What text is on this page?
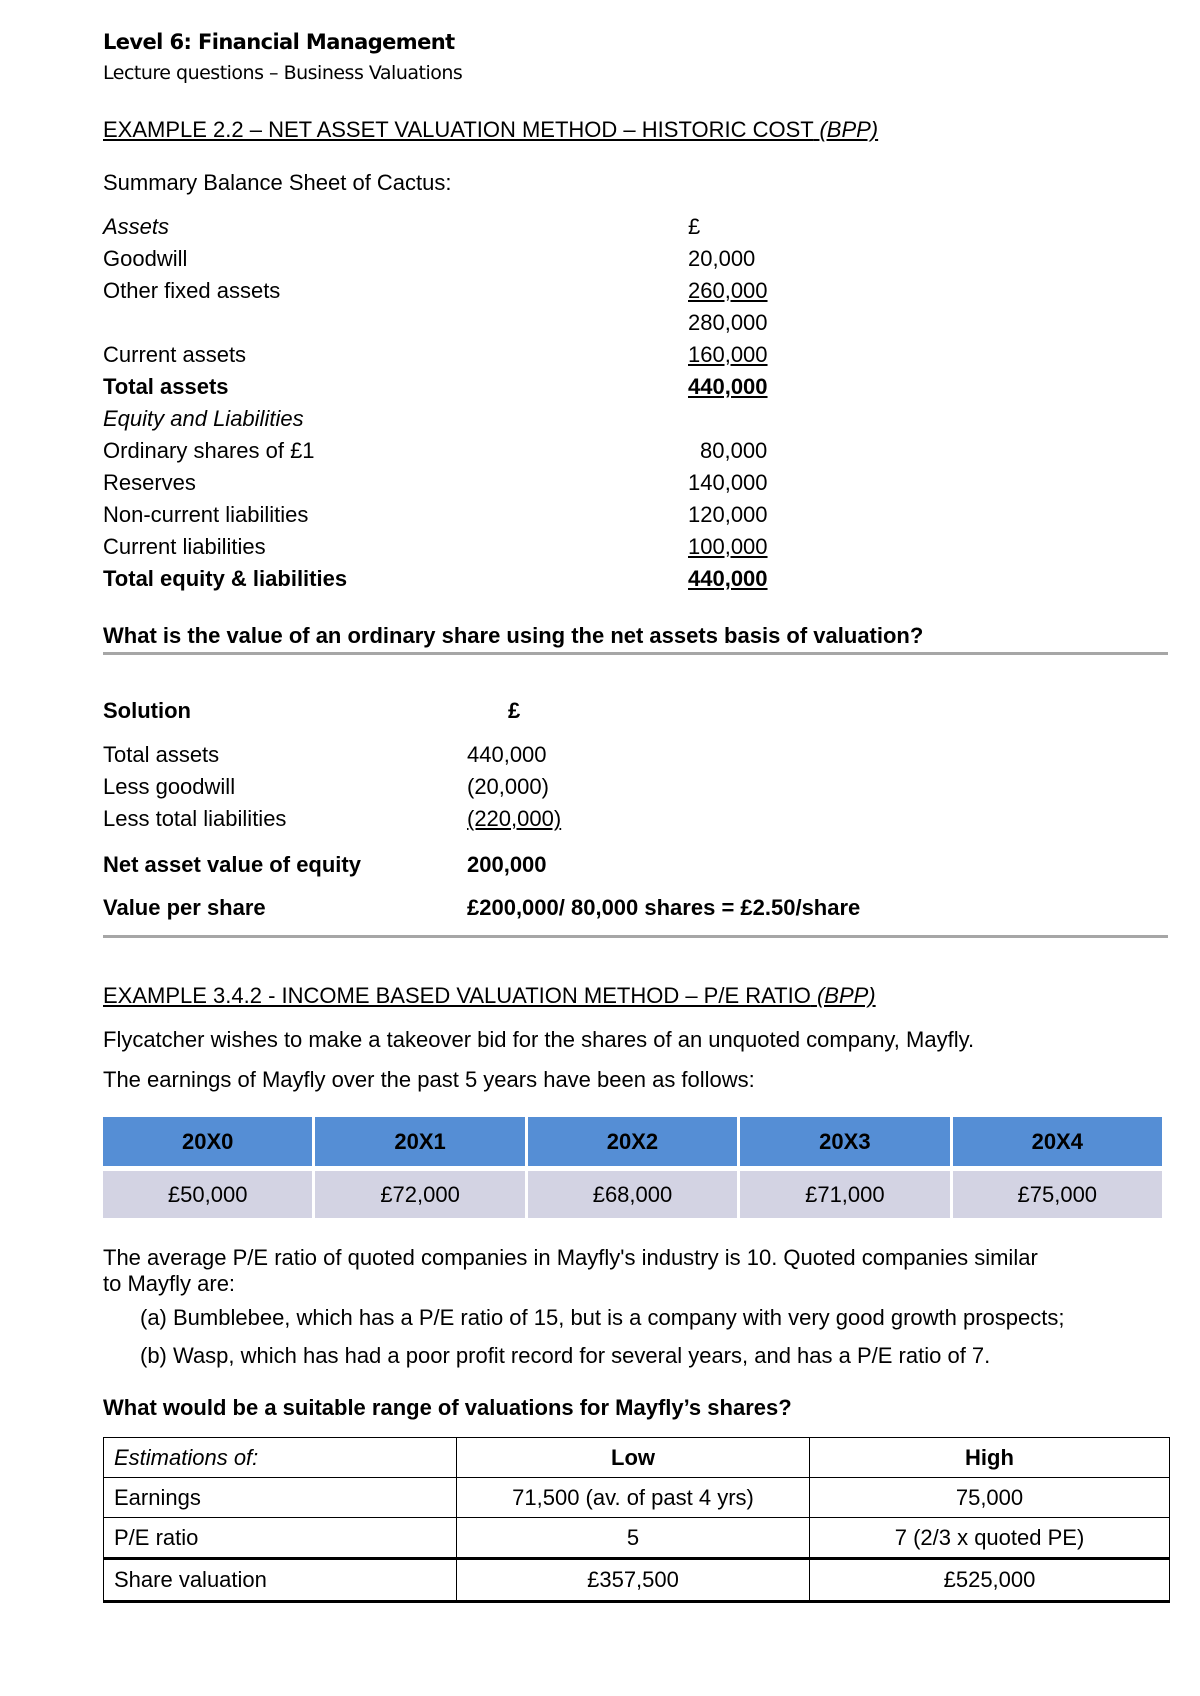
Level 6: Financial Management
Lecture questions – Business Valuations
EXAMPLE 2.2 – NET ASSET VALUATION METHOD – HISTORIC COST (BPP)
Summary Balance Sheet of Cactus:
Assets	£
Goodwill	20,000
Other fixed assets	260,000
280,000
Current assets	160,000
Total assets	440,000
Equity and Liabilities
Ordinary shares of £1	80,000
Reserves	140,000
Non-current liabilities	120,000
Current liabilities	100,000
Total equity & liabilities	440,000
What is the value of an ordinary share using the net assets basis of valuation?
Solution	£
Total assets	440,000
Less goodwill	(20,000)
Less total liabilities	(220,000)
Net asset value of equity	200,000
Value per share	£200,000/ 80,000 shares = £2.50/share
EXAMPLE 3.4.2 - INCOME BASED VALUATION METHOD – P/E RATIO (BPP)
Flycatcher wishes to make a takeover bid for the shares of an unquoted company, Mayfly.
The earnings of Mayfly over the past 5 years have been as follows:
20X0	20X1	20X2	20X3	20X4
£50,000	£72,000	£68,000	£71,000	£75,000
The average P/E ratio of quoted companies in Mayfly's industry is 10. Quoted companies similar
to Mayfly are:
(a) Bumblebee, which has a P/E ratio of 15, but is a company with very good growth prospects;
(b) Wasp, which has had a poor profit record for several years, and has a P/E ratio of 7.
What would be a suitable range of valuations for Mayfly’s shares?
Estimations of:	Low	High
Earnings	71,500 (av. of past 4 yrs)	75,000
P/E ratio	5	7 (2/3 x quoted PE)
Share valuation	£357,500	£525,000
